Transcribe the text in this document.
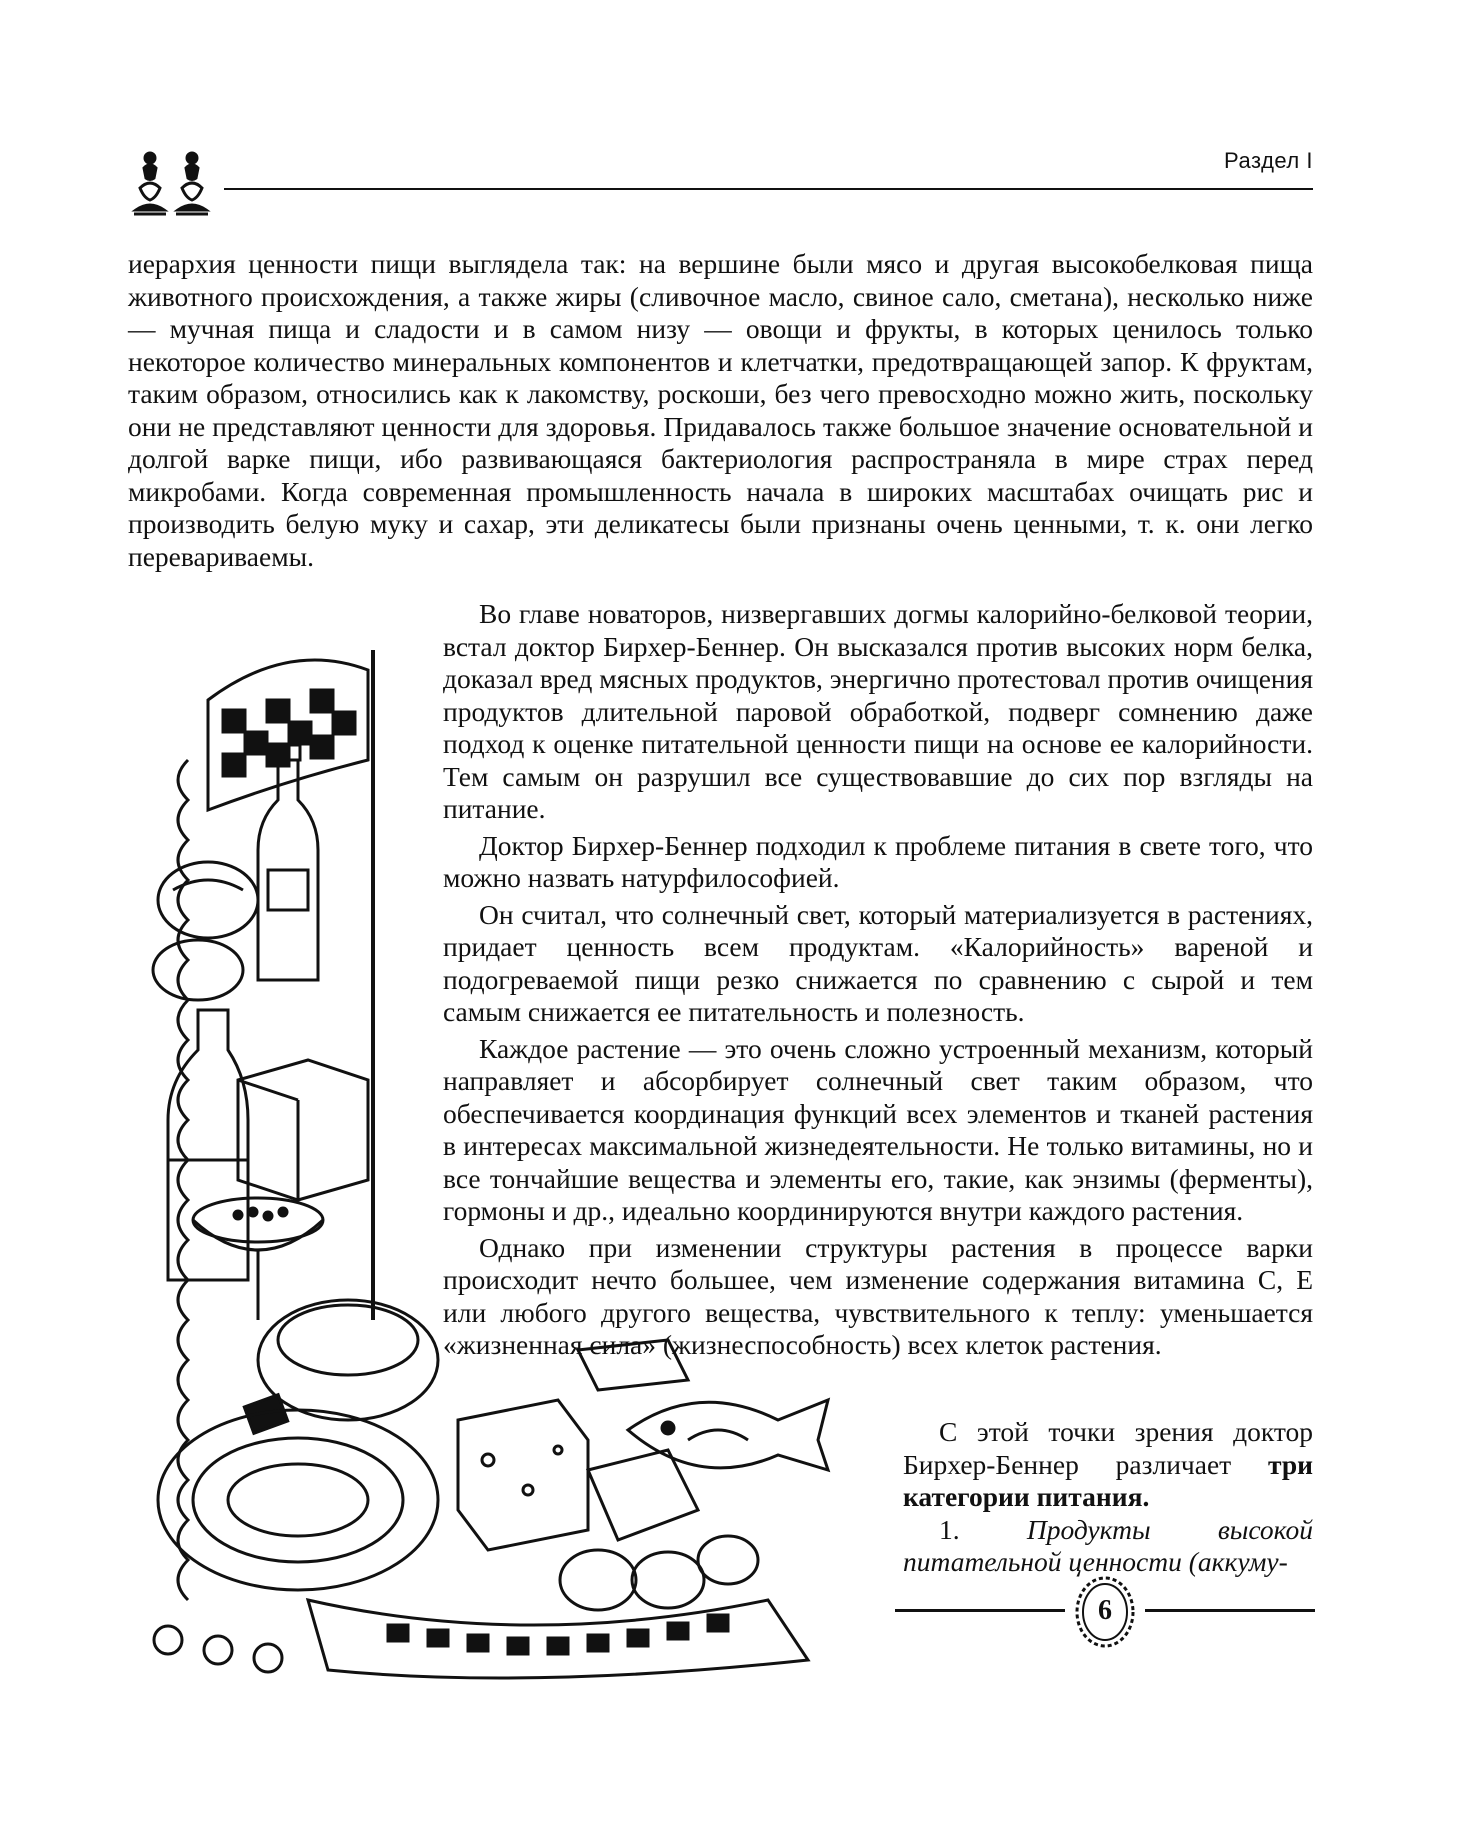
Раздел I

иерархия ценности пищи выглядела так: на вершине были мясо и другая высокобелковая пища животного происхождения, а также жиры (сливочное масло, свиное сало, сметана), несколько ниже — мучная пища и сладости и в самом низу — овощи и фрукты, в которых ценилось только некоторое количество минеральных компонентов и клетчатки, предотвращающей запор. К фруктам, таким образом, относились как к лакомству, роскоши, без чего превосходно можно жить, поскольку они не представляют ценности для здоровья. Придавалось также большое значение основательной и долгой варке пищи, ибо развивающаяся бактериология распространяла в мире страх перед микробами. Когда современная промышленность начала в широких масштабах очищать рис и производить белую муку и сахар, эти деликатесы были признаны очень ценными, т. к. они легко перевариваемы.

Во главе новаторов, низвергавших догмы калорийно-белковой теории, встал доктор Бирхер-Беннер. Он высказался против высоких норм белка, доказал вред мясных продуктов, энергично протестовал против очищения продуктов длительной паровой обработкой, подверг сомнению даже подход к оценке питательной ценности пищи на основе ее калорийности. Тем самым он разрушил все существовавшие до сих пор взгляды на питание.

Доктор Бирхер-Беннер подходил к проблеме питания в свете того, что можно назвать натурфилософией.

Он считал, что солнечный свет, который материализуется в растениях, придает ценность всем продуктам. «Калорийность» вареной и подогреваемой пищи резко снижается по сравнению с сырой и тем самым снижается ее питательность и полезность.

Каждое растение — это очень сложно устроенный механизм, который направляет и абсорбирует солнечный свет таким образом, что обеспечивается координация функций всех элементов и тканей растения в интересах максимальной жизнедеятельности. Не только витамины, но и все тончайшие вещества и элементы его, такие, как энзимы (ферменты), гормоны и др., идеально координируются внутри каждого растения.

Однако при изменении структуры растения в процессе варки происходит нечто большее, чем изменение содержания витамина С, Е или любого другого вещества, чувствительного к теплу: уменьшается «жизненная сила» (жизнеспособность) всех клеток растения.

С этой точки зрения доктор Бирхер-Беннер различает три категории питания.

1. Продукты высокой питательной ценности (аккуму-

6
